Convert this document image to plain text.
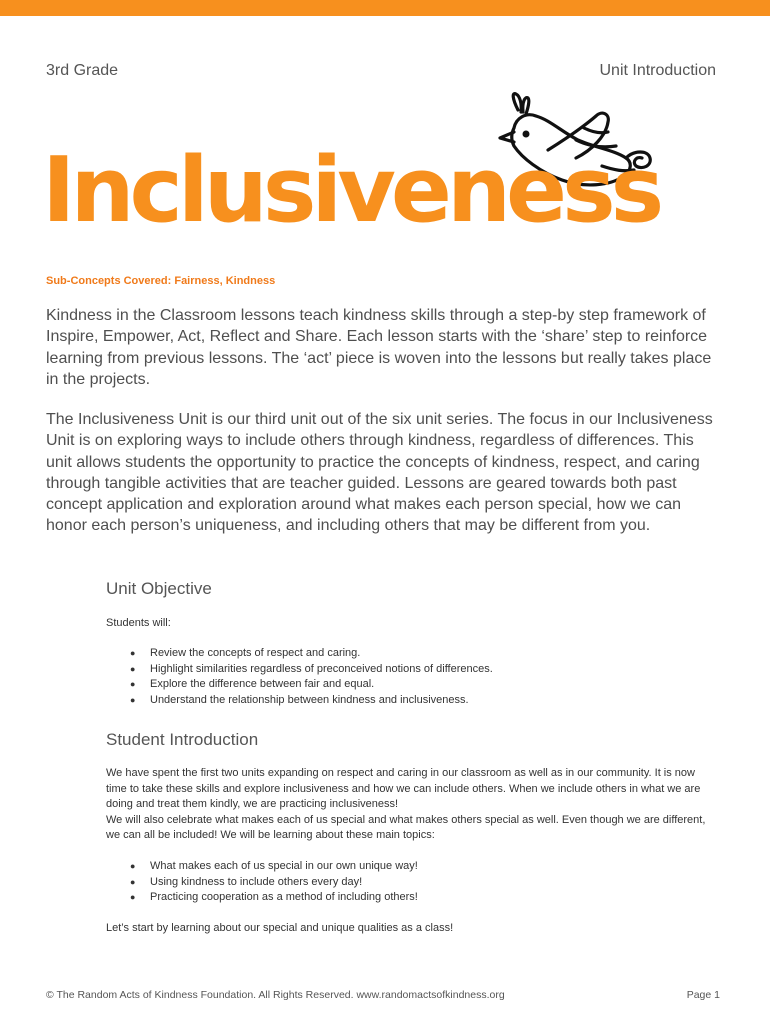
3rd Grade	Unit Introduction
Inclusiveness
Sub-Concepts Covered: Fairness, Kindness

Kindness in the Classroom lessons teach kindness skills through a step-by step framework of Inspire, Empower, Act, Reflect and Share. Each lesson starts with the ‘share’ step to reinforce learning from previous lessons. The ‘act’ piece is woven into the lessons but really takes place in the projects.

The Inclusiveness Unit is our third unit out of the six unit series. The focus in our Inclusiveness Unit is on exploring ways to include others through kindness, regardless of differences. This unit allows students the opportunity to practice the concepts of kindness, respect, and caring through tangible activities that are teacher guided. Lessons are geared towards both past concept application and exploration around what makes each person special, how we can honor each person’s uniqueness, and including others that may be different from you.

Unit Objective

Students will:

● Review the concepts of respect and caring.
● Highlight similarities regardless of preconceived notions of differences.
● Explore the difference between fair and equal.
● Understand the relationship between kindness and inclusiveness.
Student Introduction
We have spent the first two units expanding on respect and caring in our classroom as well as in our community. It is now time to take these skills and explore inclusiveness and how we can include others. When we include others in what we are doing and treat them kindly, we are practicing inclusiveness!
We will also celebrate what makes each of us special and what makes others special as well. Even though we are different, we can all be included! We will be learning about these main topics:
● What makes each of us special in our own unique way!
● Using kindness to include others every day!
● Practicing cooperation as a method of including others!

Let’s start by learning about our special and unique qualities as a class!

© The Random Acts of Kindness Foundation. All Rights Reserved. www.randomactsofkindness.org	Page 1
